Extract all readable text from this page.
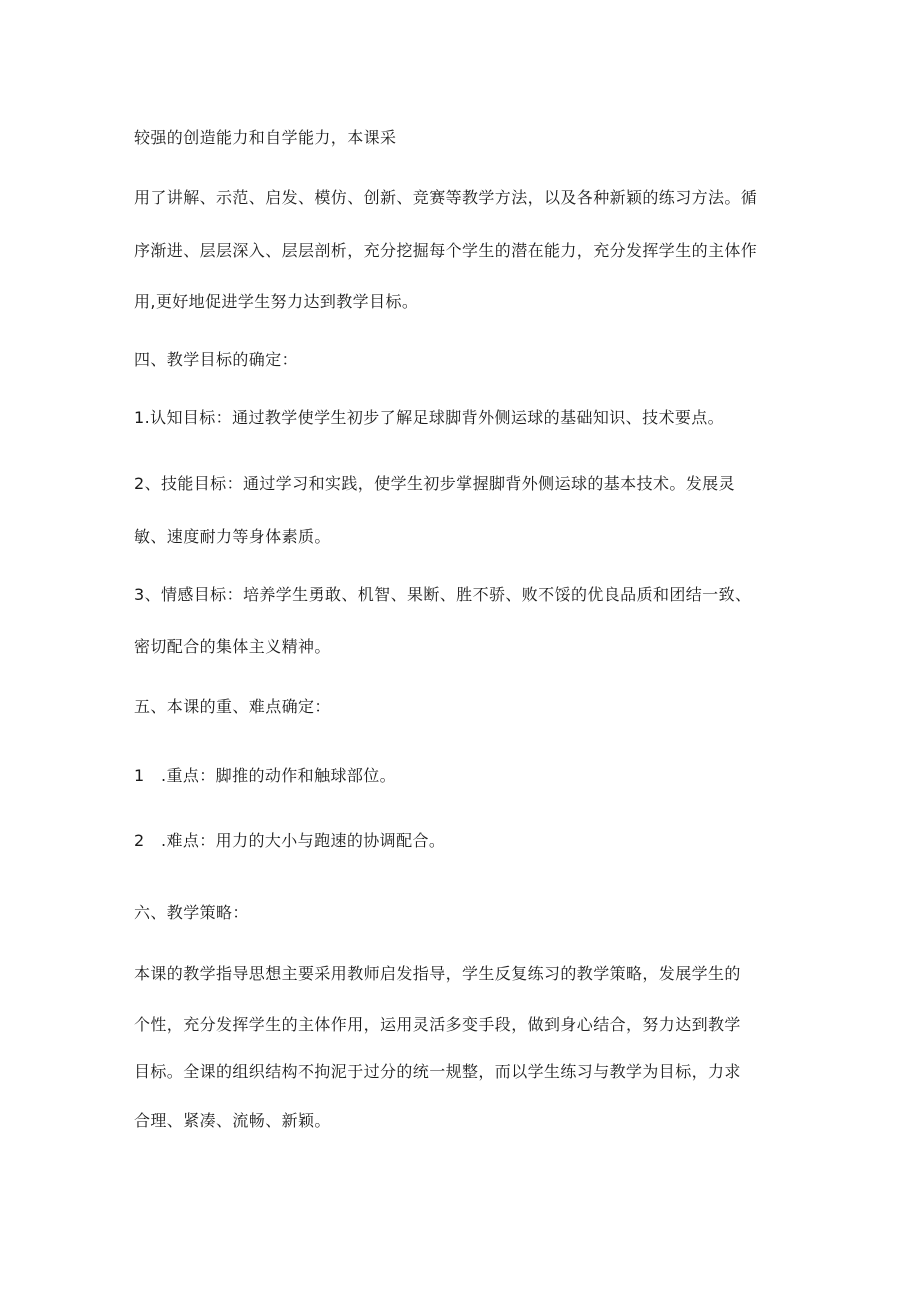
较强的创造能力和自学能力，本课采
用了讲解、示范、启发、模仿、创新、竞赛等教学方法，以及各种新颖的练习方法。循
序渐进、层层深入、层层剖析，充分挖掘每个学生的潜在能力，充分发挥学生的主体作
用,更好地促进学生努力达到教学目标。
四、教学目标的确定：
1.认知目标：通过教学使学生初步了解足球脚背外侧运球的基础知识、技术要点。
2、技能目标：通过学习和实践，使学生初步掌握脚背外侧运球的基本技术。发展灵
敏、速度耐力等身体素质。
3、情感目标：培养学生勇敢、机智、果断、胜不骄、败不馁的优良品质和团结一致、
密切配合的集体主义精神。
五、本课的重、难点确定：
1　.重点：脚推的动作和触球部位。
2　.难点：用力的大小与跑速的协调配合。
六、教学策略：
本课的教学指导思想主要采用教师启发指导，学生反复练习的教学策略，发展学生的
个性，充分发挥学生的主体作用，运用灵活多变手段，做到身心结合，努力达到教学
目标。全课的组织结构不拘泥于过分的统一规整，而以学生练习与教学为目标，力求
合理、紧凑、流畅、新颖。
